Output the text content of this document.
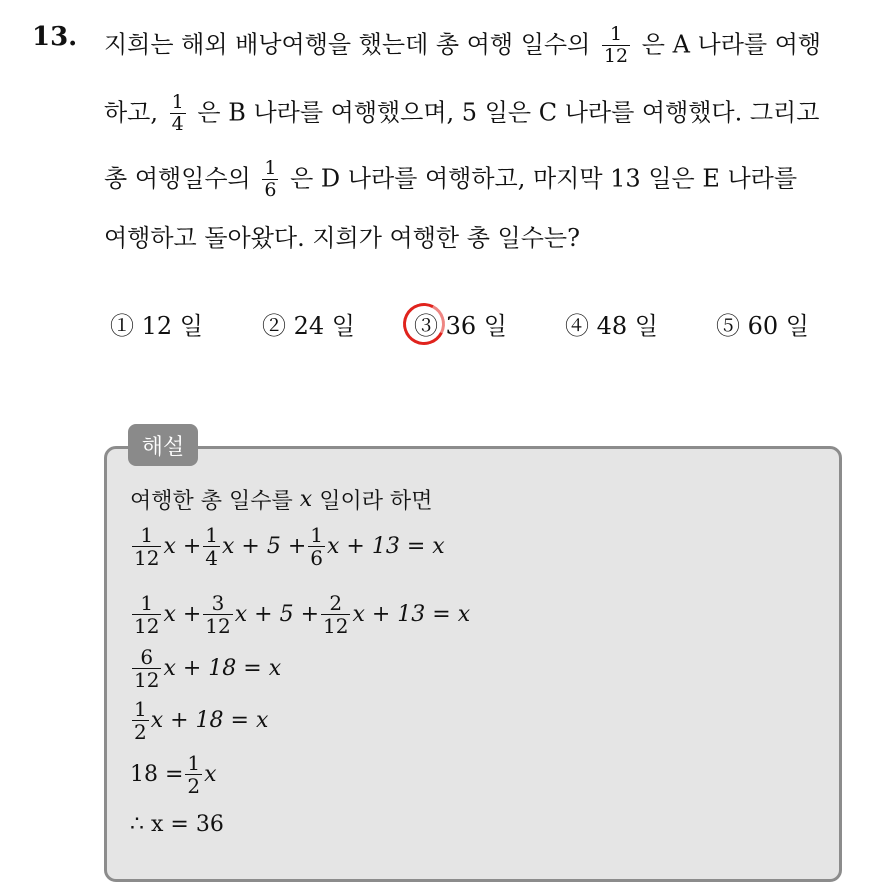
13. 지희는 해외 배낭여행을 했는데 총 여행 일수의 $\frac{1}{12}$ 은 A 나라를 여행
하고, $\frac{1}{4}$ 은 B 나라를 여행했으며, 5 일은 C 나라를 여행했다. 그리고
총 여행일수의 $\frac{1}{6}$ 은 D 나라를 여행하고, 마지막 13 일은 E 나라를
여행하고 돌아왔다. 지희가 여행한 총 일수는?
① 12 일 ② 24 일 ③ 36 일 ④ 48 일 ⑤ 60 일
해설
여행한 총 일수를
x
일이라 하면
$\frac{1}{12}$ $x + \frac{1}{4}$ $x + 5 + \frac{1}{6}$ x + 13 = x
$\frac{1}{12}$ $x + \frac{3}{12}$ $x + 5 + \frac{2}{12}$ x + 13 = x
$\frac{6}{12}$ x + 18 = x
$\frac{1}{2}$ x + 18 = x
$18 = \frac{1}{2}$ x
∴ x = 36
